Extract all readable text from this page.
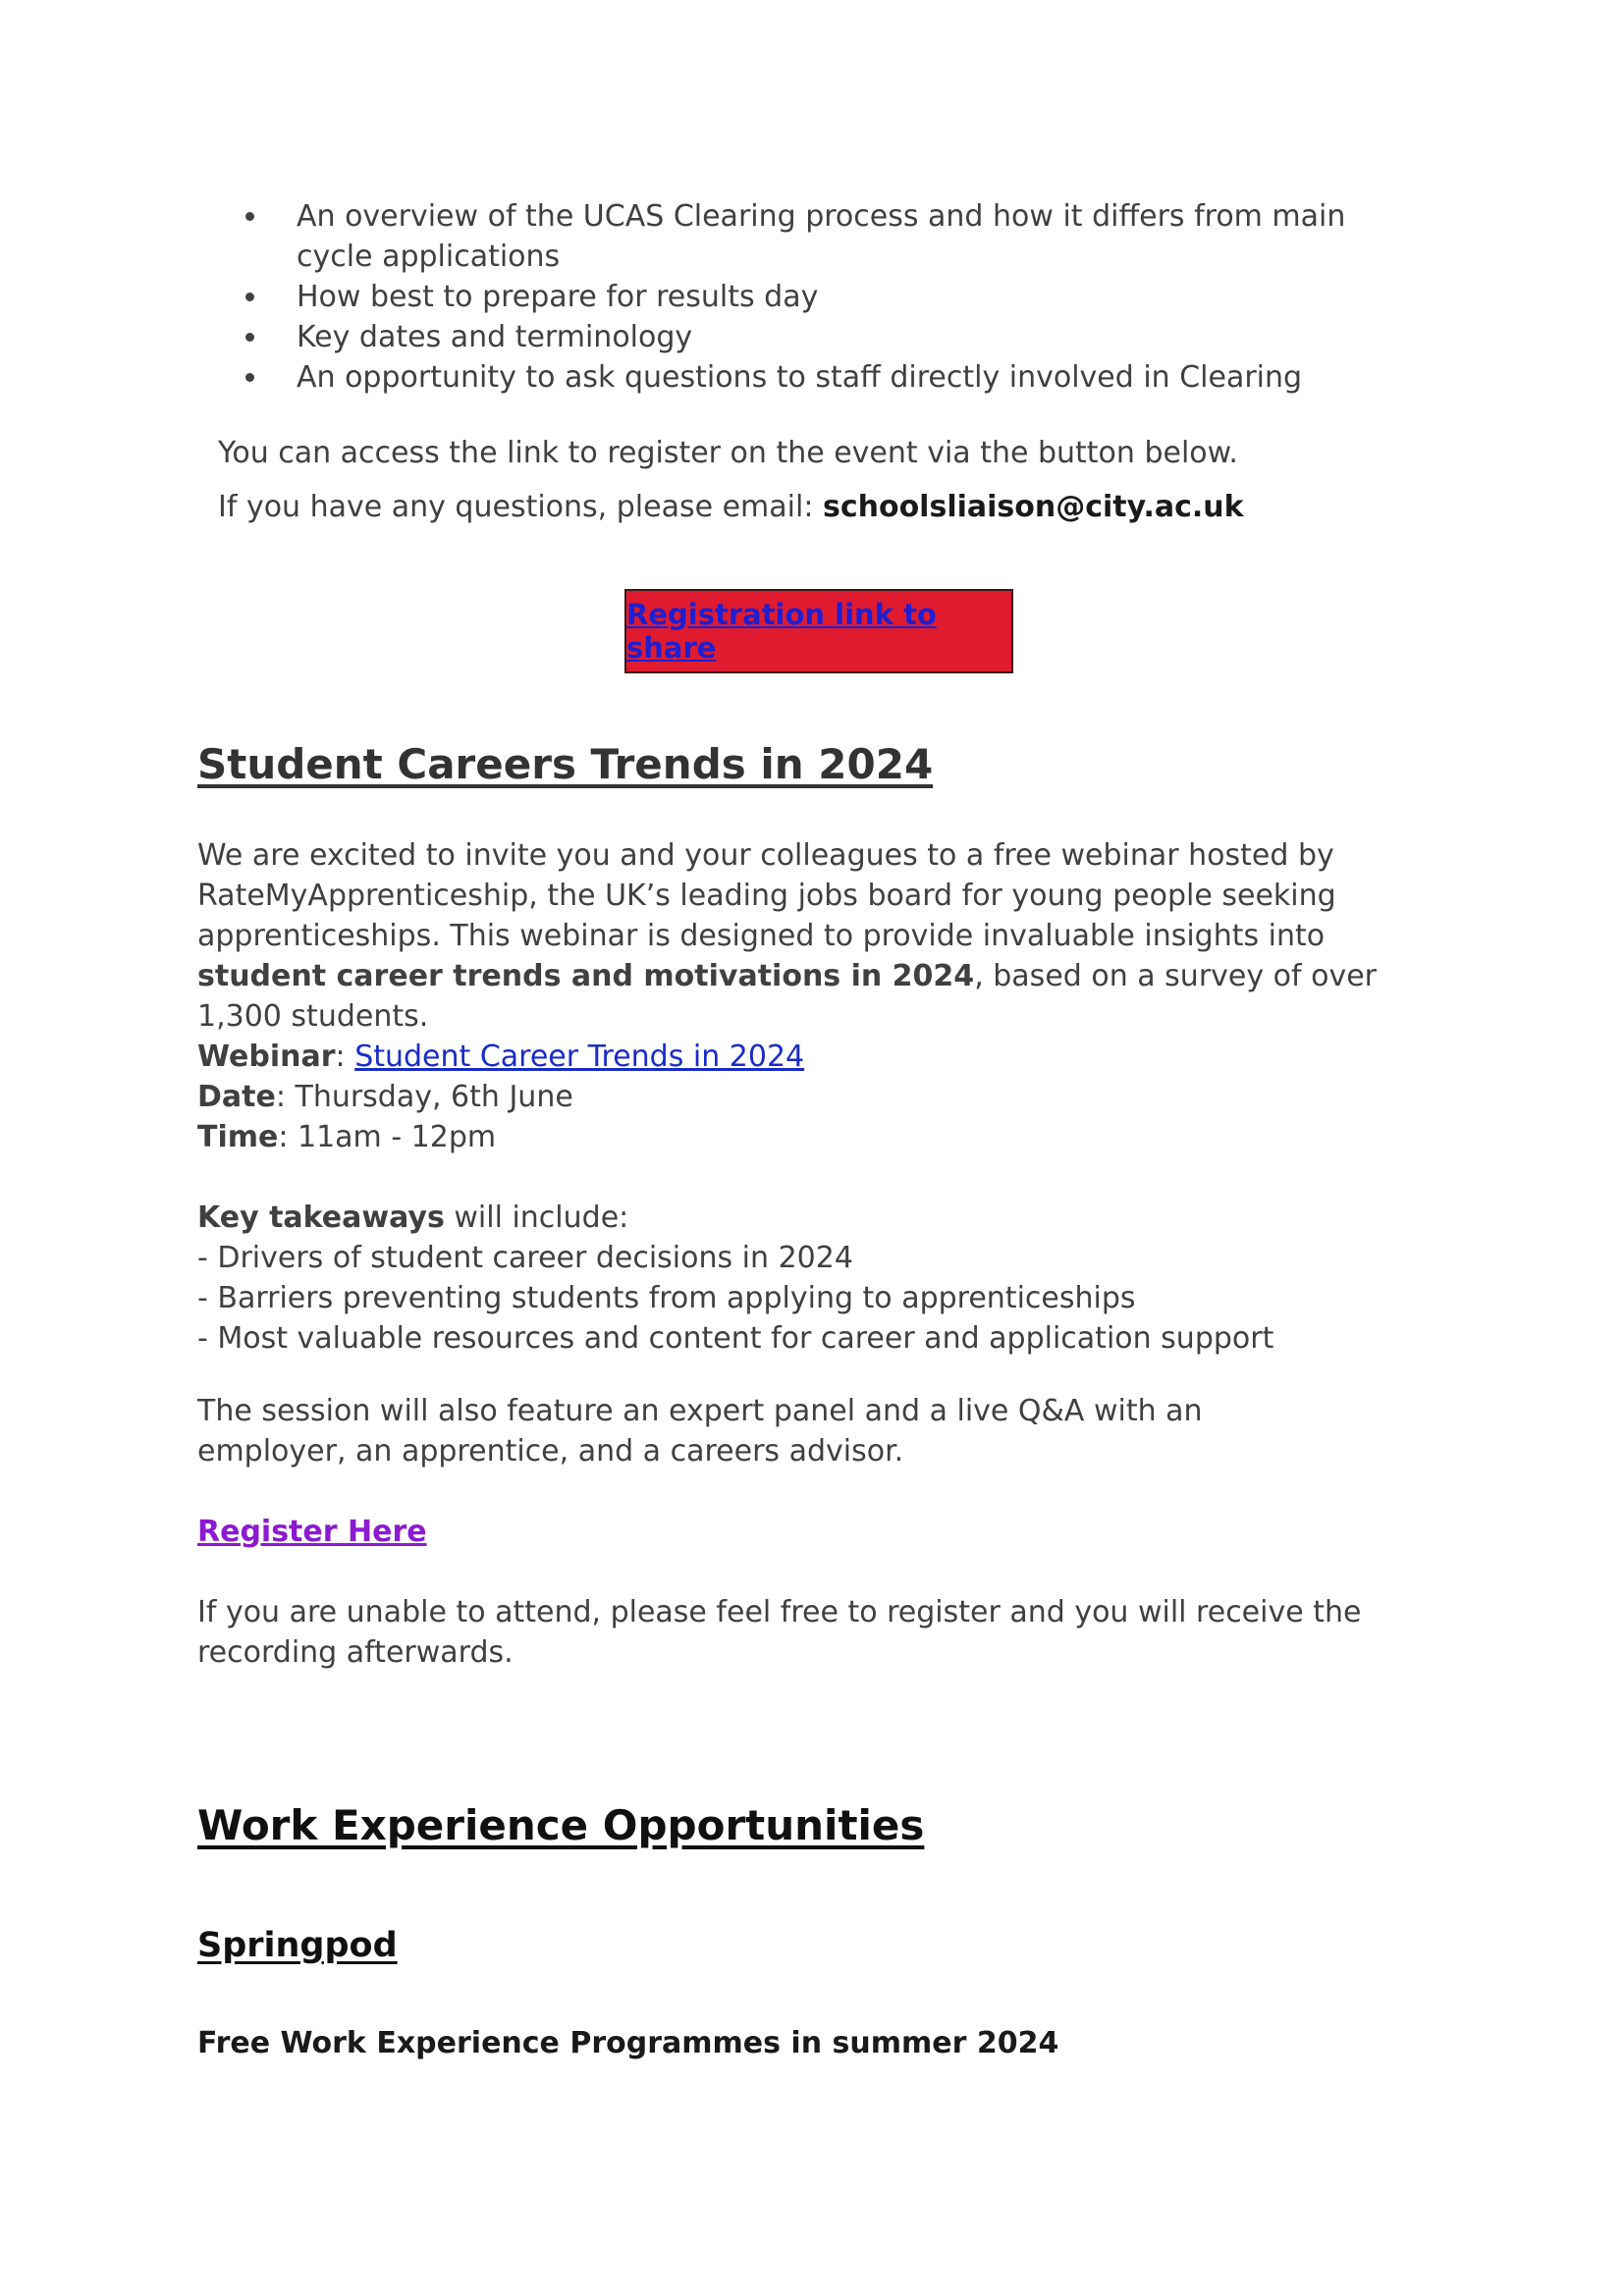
An overview of the UCAS Clearing process and how it differs from main cycle applications
How best to prepare for results day
Key dates and terminology
An opportunity to ask questions to staff directly involved in Clearing
You can access the link to register on the event via the button below.
If you have any questions, please email: schoolsliaison@city.ac.uk
Registration link to share
Student Careers Trends in 2024
We are excited to invite you and your colleagues to a free webinar hosted by RateMyApprenticeship, the UK’s leading jobs board for young people seeking apprenticeships. This webinar is designed to provide invaluable insights into student career trends and motivations in 2024, based on a survey of over 1,300 students.
Webinar: Student Career Trends in 2024
Date: Thursday, 6th June
Time: 11am - 12pm
Key takeaways will include:
- Drivers of student career decisions in 2024
- Barriers preventing students from applying to apprenticeships
- Most valuable resources and content for career and application support
The session will also feature an expert panel and a live Q&A with an employer, an apprentice, and a careers advisor.
Register Here
If you are unable to attend, please feel free to register and you will receive the recording afterwards.
Work Experience Opportunities
Springpod
Free Work Experience Programmes in summer 2024
